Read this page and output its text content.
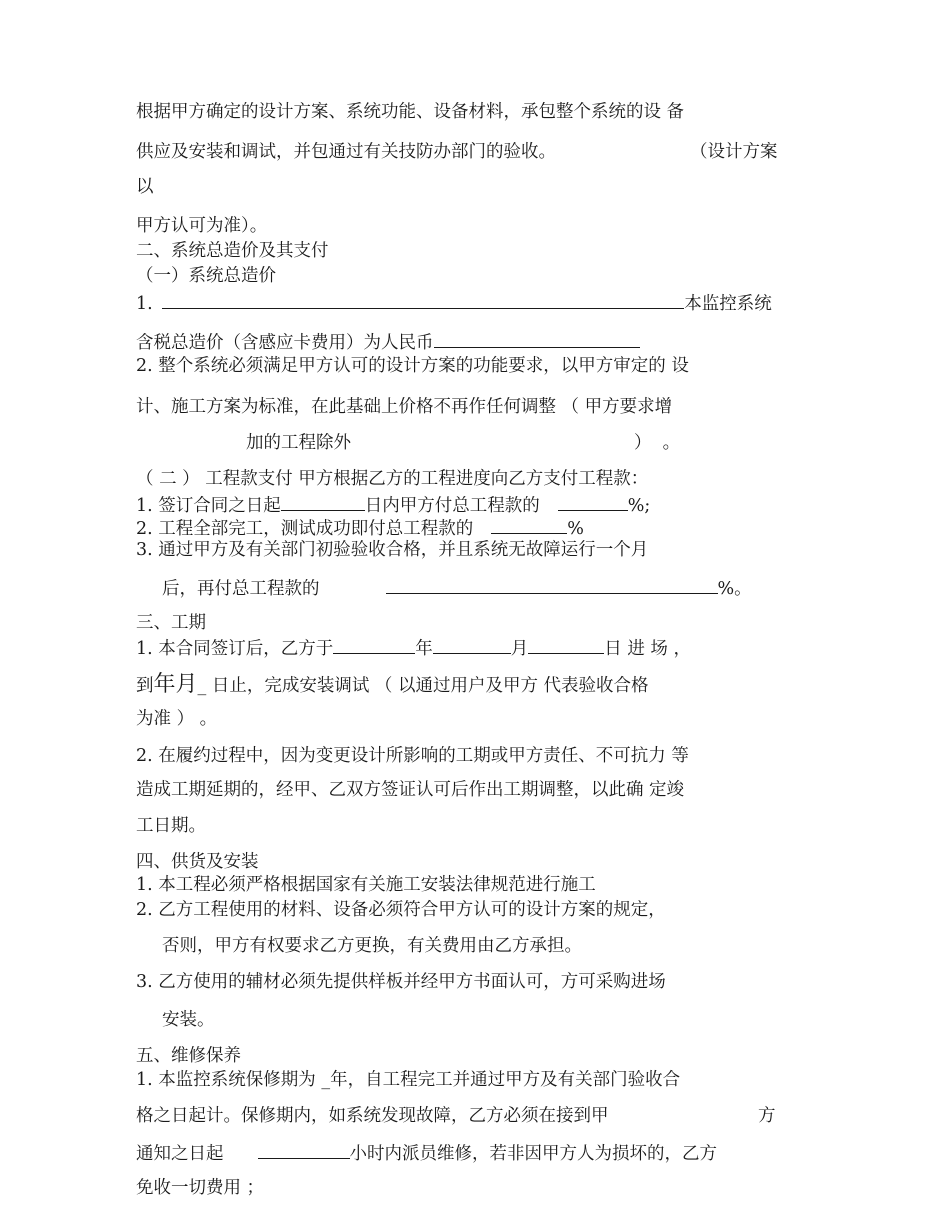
根据甲方确定的设计方案、系统功能、设备材料，承包整个系统的设 备
供应及安装和调试，并包通过有关技防办部门的验收。	（设计方案
以
甲方认可为准）。
二、系统总造价及其支付
（一）系统总造价
1.	本监控系统
含税总造价（含感应卡费用）为人民币
2. 整个系统必须满足甲方认可的设计方案的功能要求，以甲方审定的 设
计、施工方案为标准，在此基础上价格不再作任何调整 （ 甲方要求增
加的工程除外	）  。
（ 二 ） 工程款支付 甲方根据乙方的工程进度向乙方支付工程款：
1. 签订合同之日起	日内甲方付总工程款的	%;
2. 工程全部完工，测试成功即付总工程款的	%
3. 通过甲方及有关部门初验验收合格，并且系统无故障运行一个月
后，再付总工程款的	%。
三、工期
1. 本合同签订后，乙方于	年	月	日 进 场 ，
到年月_ 日止，完成安装调试 （ 以通过用户及甲方 代表验收合格
为准 ） 。
2. 在履约过程中，因为变更设计所影响的工期或甲方责任、不可抗力 等
造成工期延期的，经甲、乙双方签证认可后作出工期调整，以此确 定竣
工日期。
四、供货及安装
1. 本工程必须严格根据国家有关施工安装法律规范进行施工
2. 乙方工程使用的材料、设备必须符合甲方认可的设计方案的规定，
否则，甲方有权要求乙方更换，有关费用由乙方承担。
3. 乙方使用的辅材必须先提供样板并经甲方书面认可，方可采购进场
安装。
五、维修保养
1. 本监控系统保修期为 _年，自工程完工并通过甲方及有关部门验收合
格之日起计。保修期内，如系统发现故障，乙方必须在接到甲	方
通知之日起	小时内派员维修，若非因甲方人为损坏的，乙方
免收一切费用 ；
